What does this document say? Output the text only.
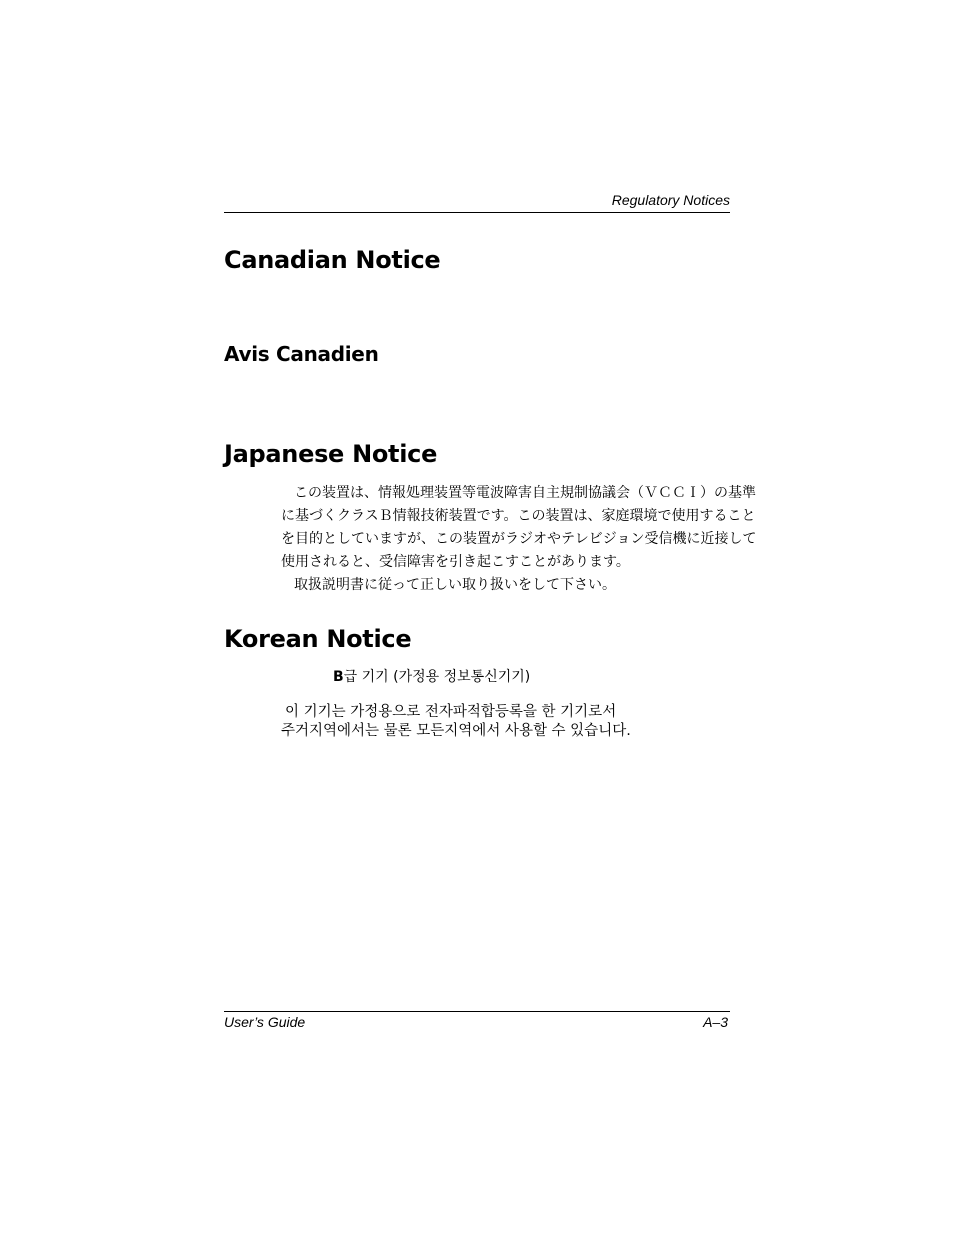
Regulatory Notices
Canadian Notice
Avis Canadien
Japanese Notice
この装置は、情報処理装置等電波障害自主規制協議会（ＶＣＣＩ）の基準
に基づくクラスＢ情報技術装置です。この装置は、家庭環境で使用すること
を目的としていますが、この装置がラジオやテレビジョン受信機に近接して
使用されると、受信障害を引き起こすことがあります。
取扱説明書に従って正しい取り扱いをして下さい。
Korean Notice
B급 기기 (가정용 정보통신기기)
이 기기는 가정용으로 전자파적합등록을 한 기기로서
주거지역에서는 물론 모든지역에서 사용할 수 있습니다.
User’s Guide	A–3
